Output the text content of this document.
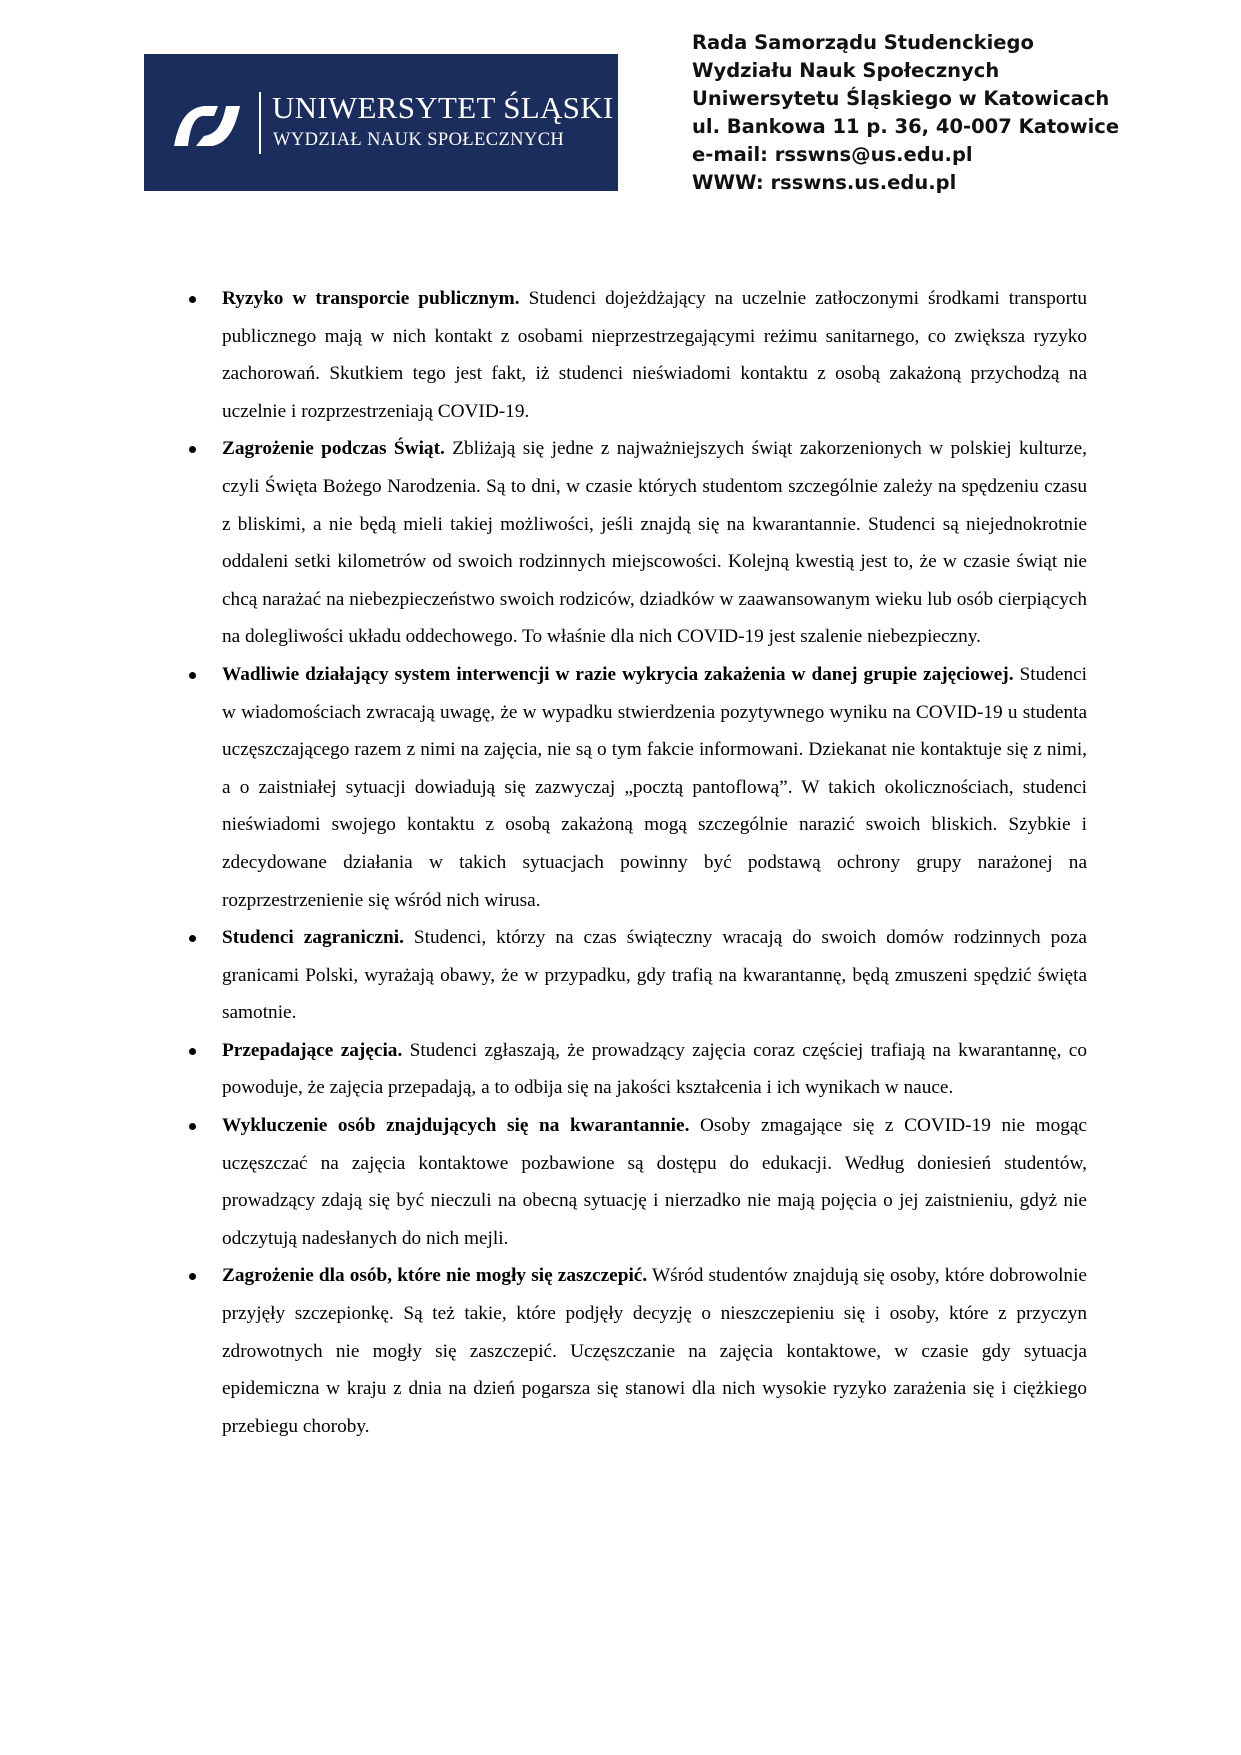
UNIWERSYTET ŚLĄSKI
WYDZIAŁ NAUK SPOŁECZNYCH
Rada Samorządu Studenckiego
Wydziału Nauk Społecznych
Uniwersytetu Śląskiego w Katowicach
ul. Bankowa 11 p. 36, 40-007 Katowice
e-mail: rsswns@us.edu.pl
WWW: rsswns.us.edu.pl
Ryzyko w transporcie publicznym. Studenci dojeżdżający na uczelnie zatłoczonymi środkami transportu publicznego mają w nich kontakt z osobami nieprzestrzegającymi reżimu sanitarnego, co zwiększa ryzyko zachorowań. Skutkiem tego jest fakt, iż studenci nieświadomi kontaktu z osobą zakażoną przychodzą na uczelnie i rozprzestrzeniają COVID-19.
Zagrożenie podczas Świąt. Zbliżają się jedne z najważniejszych świąt zakorzenionych w polskiej kulturze, czyli Święta Bożego Narodzenia. Są to dni, w czasie których studentom szczególnie zależy na spędzeniu czasu z bliskimi, a nie będą mieli takiej możliwości, jeśli znajdą się na kwarantannie. Studenci są niejednokrotnie oddaleni setki kilometrów od swoich rodzinnych miejscowości. Kolejną kwestią jest to, że w czasie świąt nie chcą narażać na niebezpieczeństwo swoich rodziców, dziadków w zaawansowanym wieku lub osób cierpiących na dolegliwości układu oddechowego. To właśnie dla nich COVID-19 jest szalenie niebezpieczny.
Wadliwie działający system interwencji w razie wykrycia zakażenia w danej grupie zajęciowej. Studenci w wiadomościach zwracają uwagę, że w wypadku stwierdzenia pozytywnego wyniku na COVID-19 u studenta uczęszczającego razem z nimi na zajęcia, nie są o tym fakcie informowani. Dziekanat nie kontaktuje się z nimi, a o zaistniałej sytuacji dowiadują się zazwyczaj „pocztą pantoflową”. W takich okolicznościach, studenci nieświadomi swojego kontaktu z osobą zakażoną mogą szczególnie narazić swoich bliskich. Szybkie i zdecydowane działania w takich sytuacjach powinny być podstawą ochrony grupy narażonej na rozprzestrzenienie się wśród nich wirusa.
Studenci zagraniczni. Studenci, którzy na czas świąteczny wracają do swoich domów rodzinnych poza granicami Polski, wyrażają obawy, że w przypadku, gdy trafią na kwarantannę, będą zmuszeni spędzić święta samotnie.
Przepadające zajęcia. Studenci zgłaszają, że prowadzący zajęcia coraz częściej trafiają na kwarantannę, co powoduje, że zajęcia przepadają, a to odbija się na jakości kształcenia i ich wynikach w nauce.
Wykluczenie osób znajdujących się na kwarantannie. Osoby zmagające się z COVID-19 nie mogąc uczęszczać na zajęcia kontaktowe pozbawione są dostępu do edukacji. Według doniesień studentów, prowadzący zdają się być nieczuli na obecną sytuację i nierzadko nie mają pojęcia o jej zaistnieniu, gdyż nie odczytują nadesłanych do nich mejli.
Zagrożenie dla osób, które nie mogły się zaszczepić. Wśród studentów znajdują się osoby, które dobrowolnie przyjęły szczepionkę. Są też takie, które podjęły decyzję o nieszczepieniu się i osoby, które z przyczyn zdrowotnych nie mogły się zaszczepić. Uczęszczanie na zajęcia kontaktowe, w czasie gdy sytuacja epidemiczna w kraju z dnia na dzień pogarsza się stanowi dla nich wysokie ryzyko zarażenia się i ciężkiego przebiegu choroby.
